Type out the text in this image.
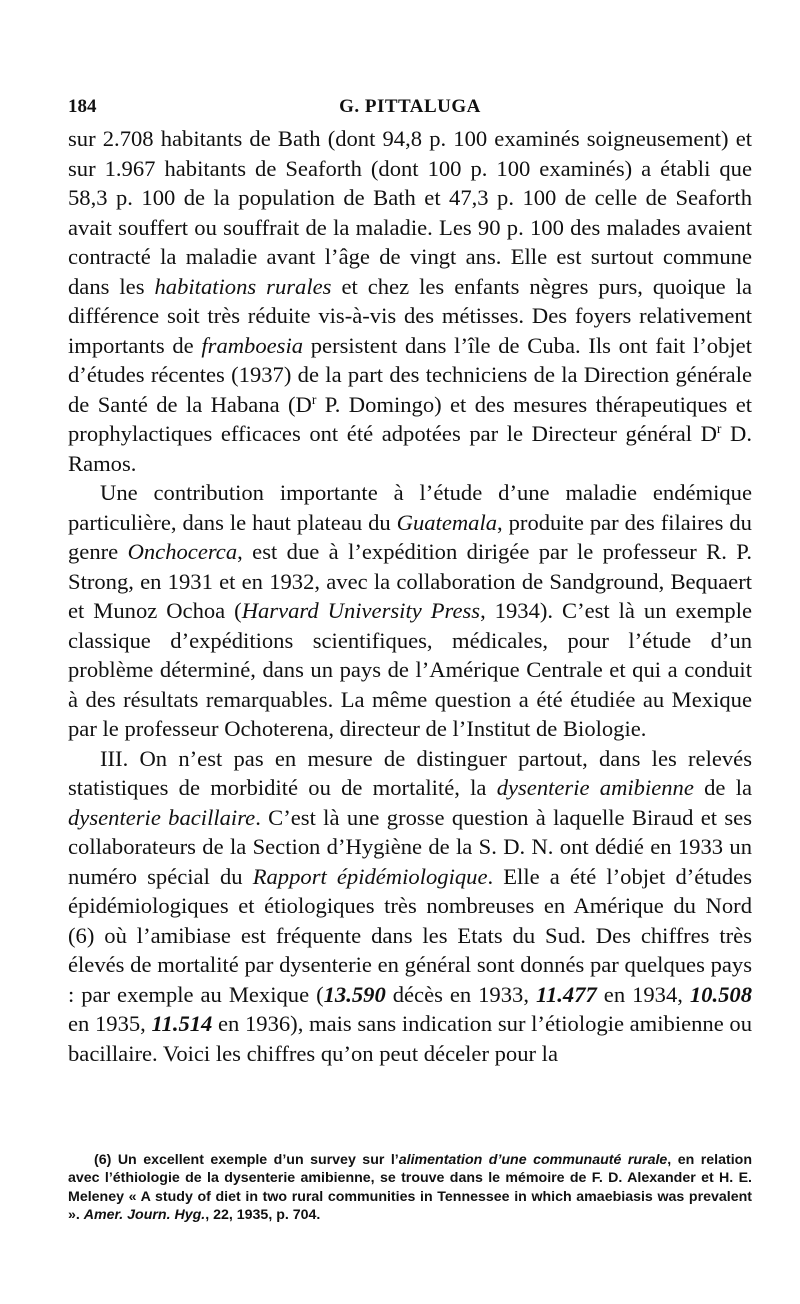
184	G. PITTALUGA

sur 2.708 habitants de Bath (dont 94,8 p. 100 examinés soigneusement) et sur 1.967 habitants de Seaforth (dont 100 p. 100 examinés) a établi que 58,3 p. 100 de la population de Bath et 47,3 p. 100 de celle de Seaforth avait souffert ou souffrait de la maladie. Les 90 p. 100 des malades avaient contracté la maladie avant l’âge de vingt ans. Elle est surtout commune dans les habitations rurales et chez les enfants nègres purs, quoique la différence soit très réduite vis-à-vis des métisses. Des foyers relativement importants de framboesia persistent dans l’île de Cuba. Ils ont fait l’objet d’études récentes (1937) de la part des techniciens de la Direction générale de Santé de la Habana ($D^r$ P. Domingo) et des mesures thérapeutiques et prophylactiques efficaces ont été adpotées par le Directeur général $D^r$ D. Ramos.

Une contribution importante à l’étude d’une maladie endémique particulière, dans le haut plateau du Guatemala, produite par des filaires du genre Onchocerca, est due à l’expédition dirigée par le professeur R. P. Strong, en 1931 et en 1932, avec la collaboration de Sandground, Bequaert et Munoz Ochoa (Harvard University Press, 1934). C’est là un exemple classique d’expéditions scientifiques, médicales, pour l’étude d’un problème déterminé, dans un pays de l’Amérique Centrale et qui a conduit à des résultats remarquables. La même question a été étudiée au Mexique par le professeur Ochoterena, directeur de l’Institut de Biologie.

III. On n’est pas en mesure de distinguer partout, dans les relevés statistiques de morbidité ou de mortalité, la dysenterie amibienne de la dysenterie bacillaire. C’est là une grosse question à laquelle Biraud et ses collaborateurs de la Section d’Hygiène de la S. D. N. ont dédié en 1933 un numéro spécial du Rapport épidémiologique. Elle a été l’objet d’études épidémiologiques et étiologiques très nombreuses en Amérique du Nord (6) où l’amibiase est fréquente dans les Etats du Sud. Des chiffres très élevés de mortalité par dysenterie en général sont donnés par quelques pays : par exemple au Mexique (13.590 décès en 1933, 11.477 en 1934, 10.508 en 1935, 11.514 en 1936), mais sans indication sur l’étiologie amibienne ou bacillaire. Voici les chiffres qu’on peut déceler pour la

(6) Un excellent exemple d’un survey sur l’alimentation d’une communauté rurale, en relation avec l’éthiologie de la dysenterie amibienne, se trouve dans le mémoire de F. D. Alexander et H. E. Meleney « A study of diet in two rural communities in Tennessee in which amaebiasis was prevalent ». Amer. Journ. Hyg., 22, 1935, p. 704.
